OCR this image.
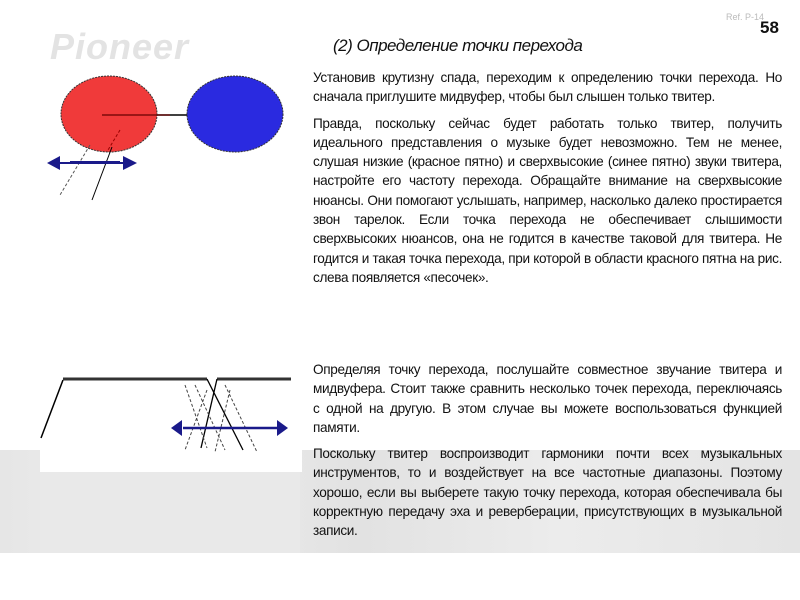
Ref. P-14
58
Pioneer	(2) Определение точки перехода

Установив крутизну спада, переходим к определению точки перехода. Но сначала приглушите мидвуфер, чтобы был слышен только твитер.

Правда, поскольку сейчас будет работать только твитер, получить идеального представления о музыке будет невозможно. Тем не менее, слушая низкие (красное пятно) и сверхвысокие (синее пятно) звуки твитера, настройте его частоту перехода. Обращайте внимание на сверхвысокие нюансы. Они помогают услышать, например, насколько далеко простирается звон тарелок. Если точка перехода не обеспечивает слышимости сверхвысоких нюансов, она не годится в качестве таковой для твитера. Не годится и такая точка перехода, при которой в области красного пятна на рис. слева появляется «песочек».

Определяя точку перехода, послушайте совместное звучание твитера и мидвуфера. Стоит также сравнить несколько точек перехода, переключаясь с одной на другую. В этом случае вы можете воспользоваться функцией памяти.

Поскольку твитер воспроизводит гармоники почти всех музыкальных инструментов, то и воздействует на все частотные диапазоны. Поэтому хорошо, если вы выберете такую точку перехода, которая обеспечивала бы корректную передачу эха и реверберации, присутствующих в музыкальной записи.
